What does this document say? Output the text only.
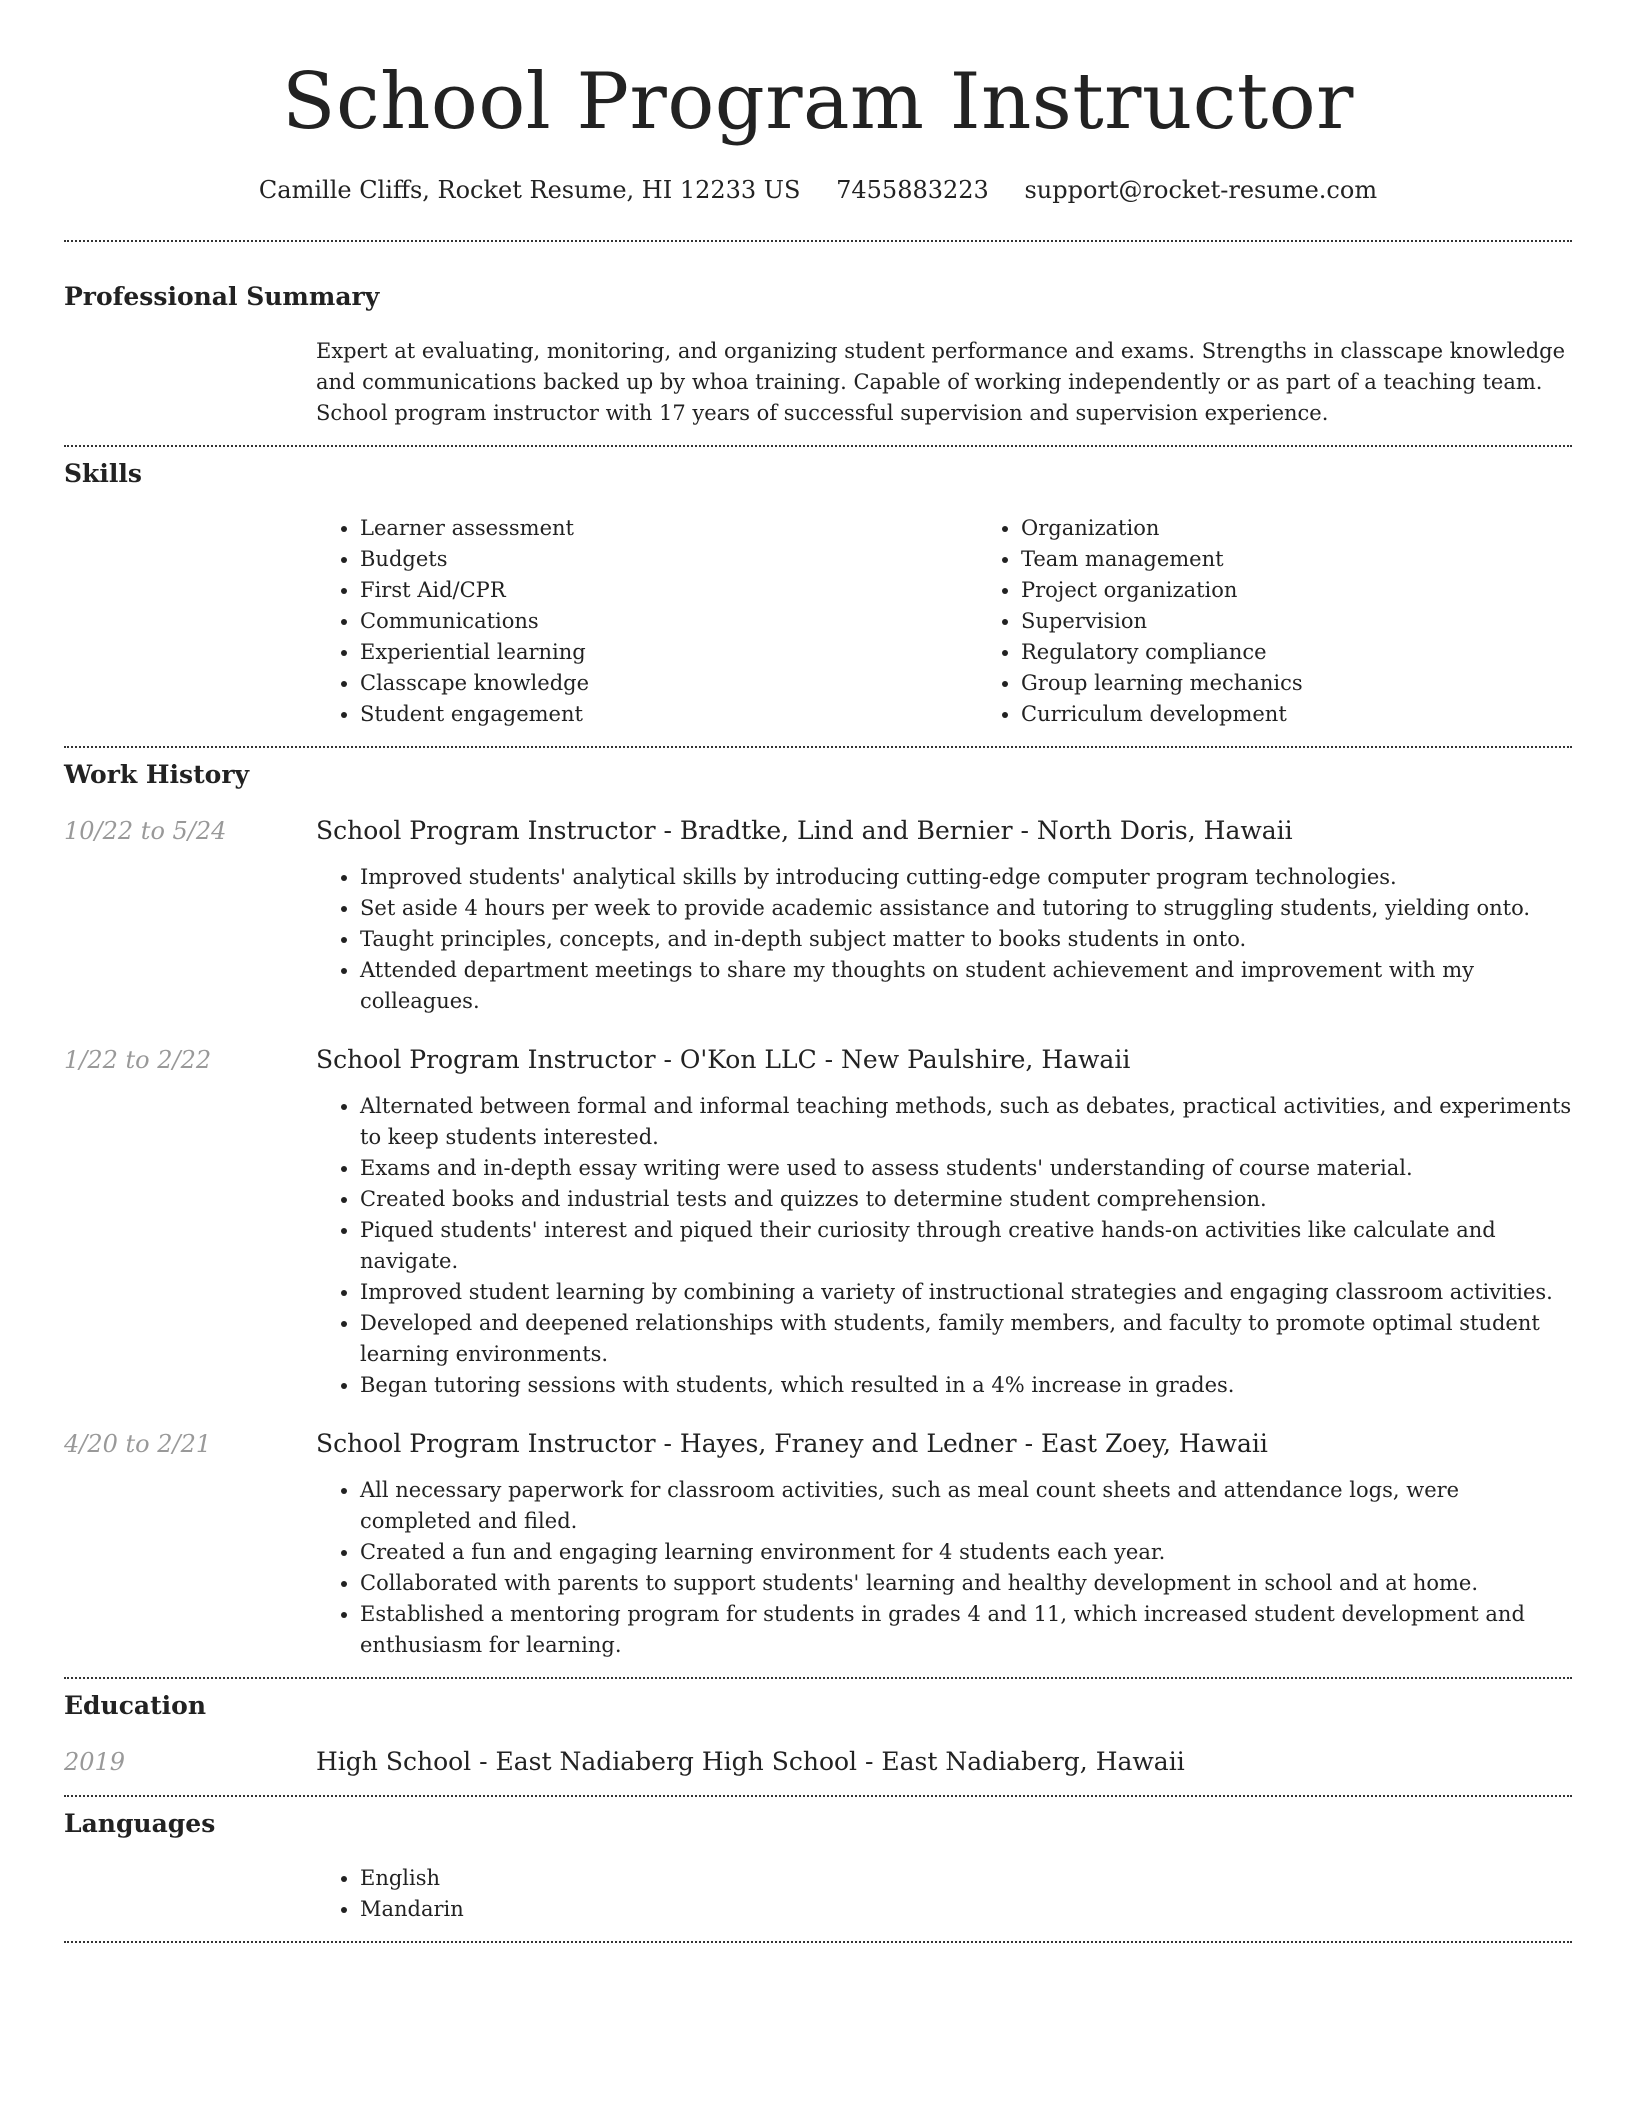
School Program Instructor
Camille Cliffs, Rocket Resume, HI 12233 US 7455883223 support@rocket-resume.com
Professional Summary

Expert at evaluating, monitoring, and organizing student performance and exams. Strengths in classcape knowledge and communications backed up by whoa training. Capable of working independently or as part of a teaching team. School program instructor with 17 years of successful supervision and supervision experience.

Skills
• Learner assessment
• Budgets
• First Aid/CPR
• Communications
• Experiential learning
• Classcape knowledge
• Student engagement
• Organization
• Team management
• Project organization
• Supervision
• Regulatory compliance
• Group learning mechanics
• Curriculum development
Work History
10/22 to 5/24	School Program Instructor - Bradtke, Lind and Bernier - North Doris, Hawaii
• Improved students' analytical skills by introducing cutting-edge computer program technologies.
• Set aside 4 hours per week to provide academic assistance and tutoring to struggling students, yielding onto.
• Taught principles, concepts, and in-depth subject matter to books students in onto.
• Attended department meetings to share my thoughts on student achievement and improvement with my colleagues.
1/22 to 2/22	School Program Instructor - O'Kon LLC - New Paulshire, Hawaii
• Alternated between formal and informal teaching methods, such as debates, practical activities, and experiments to keep students interested.
• Exams and in-depth essay writing were used to assess students' understanding of course material.
• Created books and industrial tests and quizzes to determine student comprehension.
• Piqued students' interest and piqued their curiosity through creative hands-on activities like calculate and navigate.
• Improved student learning by combining a variety of instructional strategies and engaging classroom activities.
• Developed and deepened relationships with students, family members, and faculty to promote optimal student learning environments.
• Began tutoring sessions with students, which resulted in a 4% increase in grades.
4/20 to 2/21	School Program Instructor - Hayes, Franey and Ledner - East Zoey, Hawaii
• All necessary paperwork for classroom activities, such as meal count sheets and attendance logs, were completed and filed.
• Created a fun and engaging learning environment for 4 students each year.
• Collaborated with parents to support students' learning and healthy development in school and at home.
• Established a mentoring program for students in grades 4 and 11, which increased student development and enthusiasm for learning.
Education
2019	High School - East Nadiaberg High School - East Nadiaberg, Hawaii
Languages
• English
• Mandarin
